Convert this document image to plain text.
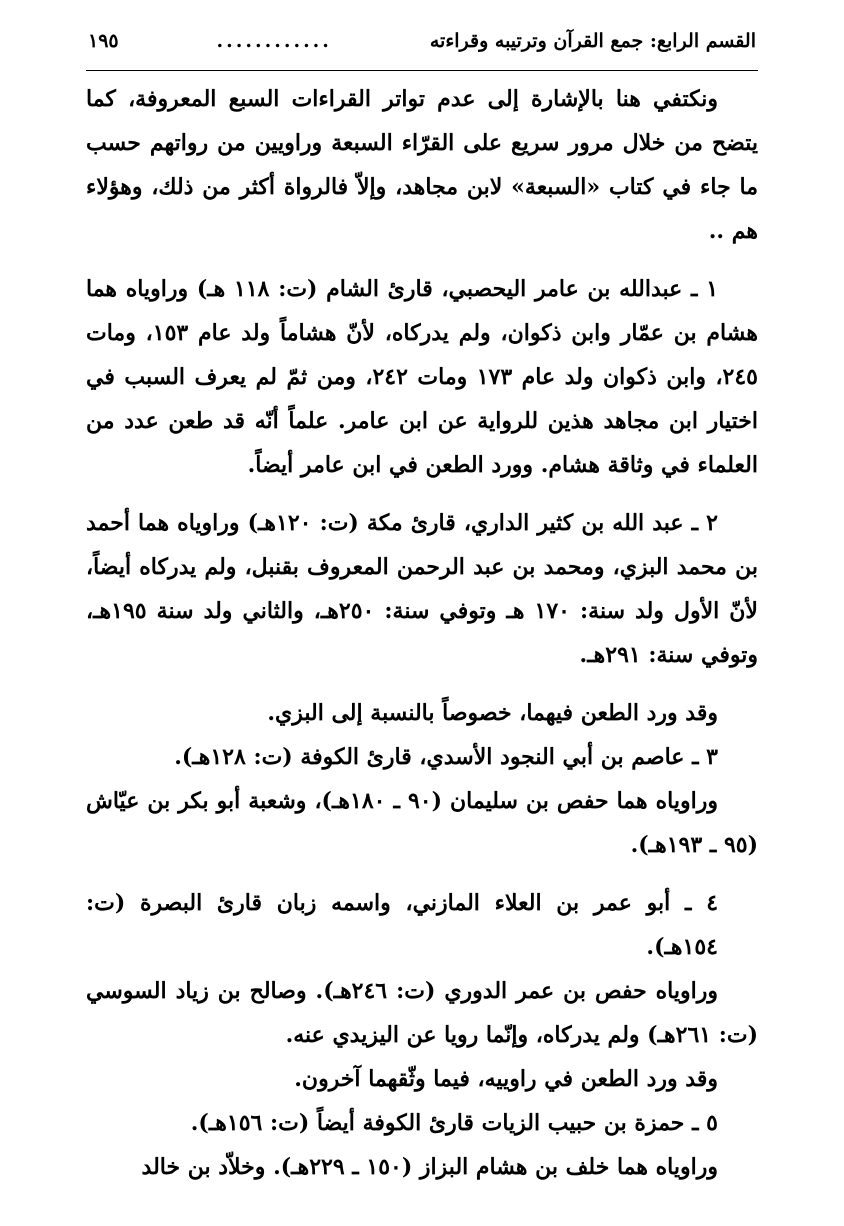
القسم الرابع: جمع القرآن وترتيبه وقراءته
............
١٩٥

ونكتفي هنا بالإشارة إلى عدم تواتر القراءات السبع المعروفة، كما يتضح من خلال مرور سريع على القرّاء السبعة وراويين من رواتهم حسب ما جاء في كتاب «السبعة» لابن مجاهد، وإلاّ فالرواة أكثر من ذلك، وهؤلاء هم ..

١ ـ عبدالله بن عامر اليحصبي، قارئ الشام (ت: ١١٨ هـ) وراوياه هما هشام بن عمّار وابن ذكوان، ولم يدركاه، لأنّ هشاماً ولد عام ١٥٣، ومات ٢٤٥، وابن ذكوان ولد عام ١٧٣ ومات ٢٤٢، ومن ثمّ لم يعرف السبب في اختيار ابن مجاهد هذين للرواية عن ابن عامر. علماً أنّه قد طعن عدد من العلماء في وثاقة هشام. وورد الطعن في ابن عامر أيضاً.

٢ ـ عبد الله بن كثير الداري، قارئ مكة (ت: ١٢٠هـ) وراوياه هما أحمد بن محمد البزي، ومحمد بن عبد الرحمن المعروف بقنبل، ولم يدركاه أيضاً، لأنّ الأول ولد سنة: ١٧٠ هـ وتوفي سنة: ٢٥٠هـ، والثاني ولد سنة ١٩٥هـ، وتوفي سنة: ٢٩١هـ.

وقد ورد الطعن فيهما، خصوصاً بالنسبة إلى البزي.

٣ ـ عاصم بن أبي النجود الأسدي، قارئ الكوفة (ت: ١٢٨هـ).

وراوياه هما حفص بن سليمان (٩٠ ـ ١٨٠هـ)، وشعبة أبو بكر بن عيّاش (٩٥ ـ ١٩٣هـ).

٤ ـ أبو عمر بن العلاء المازني، واسمه زبان قارئ البصرة (ت: ١٥٤هـ).

وراوياه حفص بن عمر الدوري (ت: ٢٤٦هـ). وصالح بن زياد السوسي (ت: ٢٦١هـ) ولم يدركاه، وإنّما رويا عن اليزيدي عنه.

وقد ورد الطعن في راوييه، فيما وثّقهما آخرون.

٥ ـ حمزة بن حبيب الزيات قارئ الكوفة أيضاً (ت: ١٥٦هـ).

وراوياه هما خلف بن هشام البزاز (١٥٠ ـ ٢٢٩هـ). وخلاّد بن خالد
